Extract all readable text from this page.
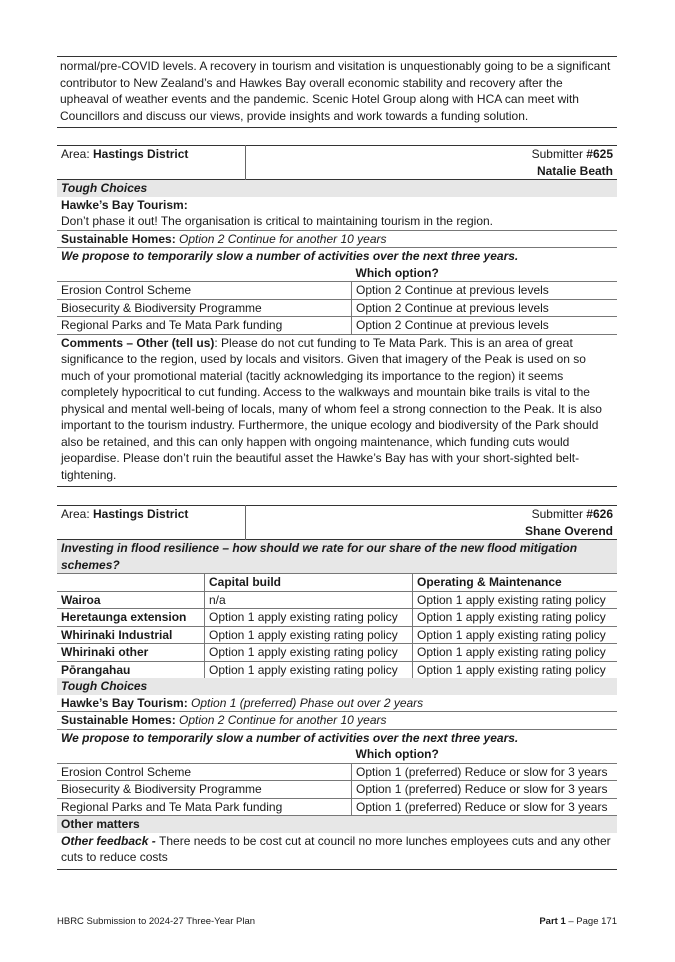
normal/pre-COVID levels. A recovery in tourism and visitation is unquestionably going to be a significant contributor to New Zealand’s and Hawkes Bay overall economic stability and recovery after the upheaval of weather events and the pandemic. Scenic Hotel Group along with HCA can meet with Councillors and discuss our views, provide insights and work towards a funding solution.
Area: Hastings District	Submitter #625
Natalie Beath
Tough Choices
Hawke’s Bay Tourism:
Don’t phase it out! The organisation is critical to maintaining tourism in the region.
Sustainable Homes: Option 2 Continue for another 10 years
We propose to temporarily slow a number of activities over the next three years.	
	Which option?
Erosion Control Scheme	Option 2 Continue at previous levels
Biosecurity & Biodiversity Programme	Option 2 Continue at previous levels
Regional Parks and Te Mata Park funding	Option 2 Continue at previous levels
Comments – Other (tell us): Please do not cut funding to Te Mata Park. This is an area of great significance to the region, used by locals and visitors. Given that imagery of the Peak is used on so much of your promotional material (tacitly acknowledging its importance to the region) it seems completely hypocritical to cut funding. Access to the walkways and mountain bike trails is vital to the physical and mental well-being of locals, many of whom feel a strong connection to the Peak. It is also important to the tourism industry. Furthermore, the unique ecology and biodiversity of the Park should also be retained, and this can only happen with ongoing maintenance, which funding cuts would jeopardise. Please don’t ruin the beautiful asset the Hawke’s Bay has with your short-sighted belt-tightening.	
Area: Hastings District	Submitter #626
Shane Overend
Investing in flood resilience – how should we rate for our share of the new flood mitigation schemes?
	Capital build	Operating & Maintenance
Wairoa	n/a	Option 1 apply existing rating policy
Heretaunga extension	Option 1 apply existing rating policy	Option 1 apply existing rating policy
Whirinaki Industrial	Option 1 apply existing rating policy	Option 1 apply existing rating policy
Whirinaki other	Option 1 apply existing rating policy	Option 1 apply existing rating policy
Pōrangahau	Option 1 apply existing rating policy	Option 1 apply existing rating policy
Tough Choices	
Hawke’s Bay Tourism: Option 1 (preferred) Phase out over 2 years	
Sustainable Homes: Option 2 Continue for another 10 years	
We propose to temporarily slow a number of activities over the next three years.	
	Which option?
Erosion Control Scheme	Option 1 (preferred) Reduce or slow for 3 years
Biosecurity & Biodiversity Programme	Option 1 (preferred) Reduce or slow for 3 years
Regional Parks and Te Mata Park funding	Option 1 (preferred) Reduce or slow for 3 years
Other matters	
Other feedback - There needs to be cost cut at council no more lunches employees cuts and any other cuts to reduce costs	
HBRC Submission to 2024-27 Three-Year Plan	Part 1 – Page 171
